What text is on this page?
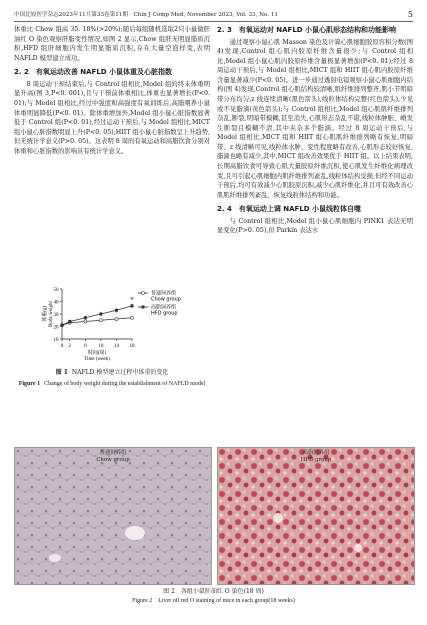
中国比较医学杂志2023年11月第33卷第11期　Chin J Comp Med, November 2023, Vol. 33, No. 11	5

体重比 Chow 组高 35. 18%(>20%);随后每组随机选取2只小鼠做肝油红 O 染色观察肝脂变性情况,如图 2 显示,Chow 组肝无明显脂质沉积,HFD 组肝细胞内发生明显脂质沉积,存在大量空泡样变,表明 NAFLD 模型建立成功。

2. 2　有氧运动改善 NAFLD 小鼠体重及心脏指数

8 周运动干预结束后,与 Control 组相比,Model 组的终末体重明显升高(图 3,P<0. 001),且与干预前体重相比,体重也显著增长(P<0. 01);与 Model 组相比,经过中强度和高强度有氧训练后,高脂喂养小鼠体重明显降低(P<0. 01)。除体重增加外,Model 组小鼠心脏指数显著低于 Control 组(P<0. 01),经过运动干预后,与 Model 组相比,MICT 组小鼠心脏指数明显上升(P<0. 05),HIIT 组小鼠心脏指数呈上升趋势,但无统计学意义(P>0. 05)。这表明 8 周的有氧运动和高脂饮食分别对体重和心脏指数的影响具有统计学意义。

10
20
30
40
50
0 2	6 10 14 18
时间(周)
Time (week)
体重(g) Body weight
普通饲养组
Chow group
高脂饲养组
HFD group
*
图 1 NAFLD 模型建立过程中体重的变化
Figure 1 Change of body weight during the establishment of NAFLD model
2. 3　有氧运动对 NAFLD 小鼠心肌形态结构和功能影响

通过观察小鼠心肌 Masson 染色及计算心肌细胞胶原容积分数(图 4)发现,Control 组心肌内胶原纤维含量很少;与 Control 组相比,Model 组小鼠心肌内胶原纤维含量极显著增加(P<0. 01);经过 8 周运动干预后,与 Model 组相比,MICT 组和 HIIT 组心肌内胶原纤维含量显著减少(P<0. 05)。进一步通过透射电镜观察小鼠心肌细胞内结构(图 4)发现,Control 组心肌结构较清晰,肌纤维排列整齐,肌小节明暗带分布均匀,z 线连续清晰(黑色箭头),线粒体结构完整(红色箭头),少见或不见脂滴(黄色箭头);与 Control 组相比,Model 组心肌肌纤维排列杂乱,断裂,明暗带模糊,甚至消失,心肌形态杂乱不堪,线粒体肿胀、嵴发生断裂且模糊不清,其中夹杂多个脂滴。经过 8 周运动干预后,与 Model 组相比,MICT 组和 HIIT 组心肌肌纤维排列略有恢复,明暗带、z 线清晰可见,线粒体水肿、变性程度略有改善,心肌形态较好恢复,脂滴也略有减少,其中,MICT 组改善效果优于 HIIT 组。以上结果表明,长期高脂饮食可导致心肌大量胶原纤维沉积,使心肌发生纤维化病理改变,且可引起心肌细胞内肌纤维排列紊乱,线粒体结构受损,但经不同运动干预后,均可有效减少心肌胶原沉积,减少心肌纤维化,并且可有效改善心肌肌纤维排列紊乱、恢复线粒体结构和功能。

2. 4　有氧运动上调 NAFLD 小鼠线粒体自噬

与 Control 组相比,Model 组小鼠心肌细胞内 PINK1 表达无明显变化(P>0. 05),但 Parkin 表达水

普通饲养组
Chow group
高脂饲养组
HFD group
图 2　各组小鼠肝油红 O 染色(18 周)
Figure 2　Liver oil red O staining of mice in each group(18 weeks)
